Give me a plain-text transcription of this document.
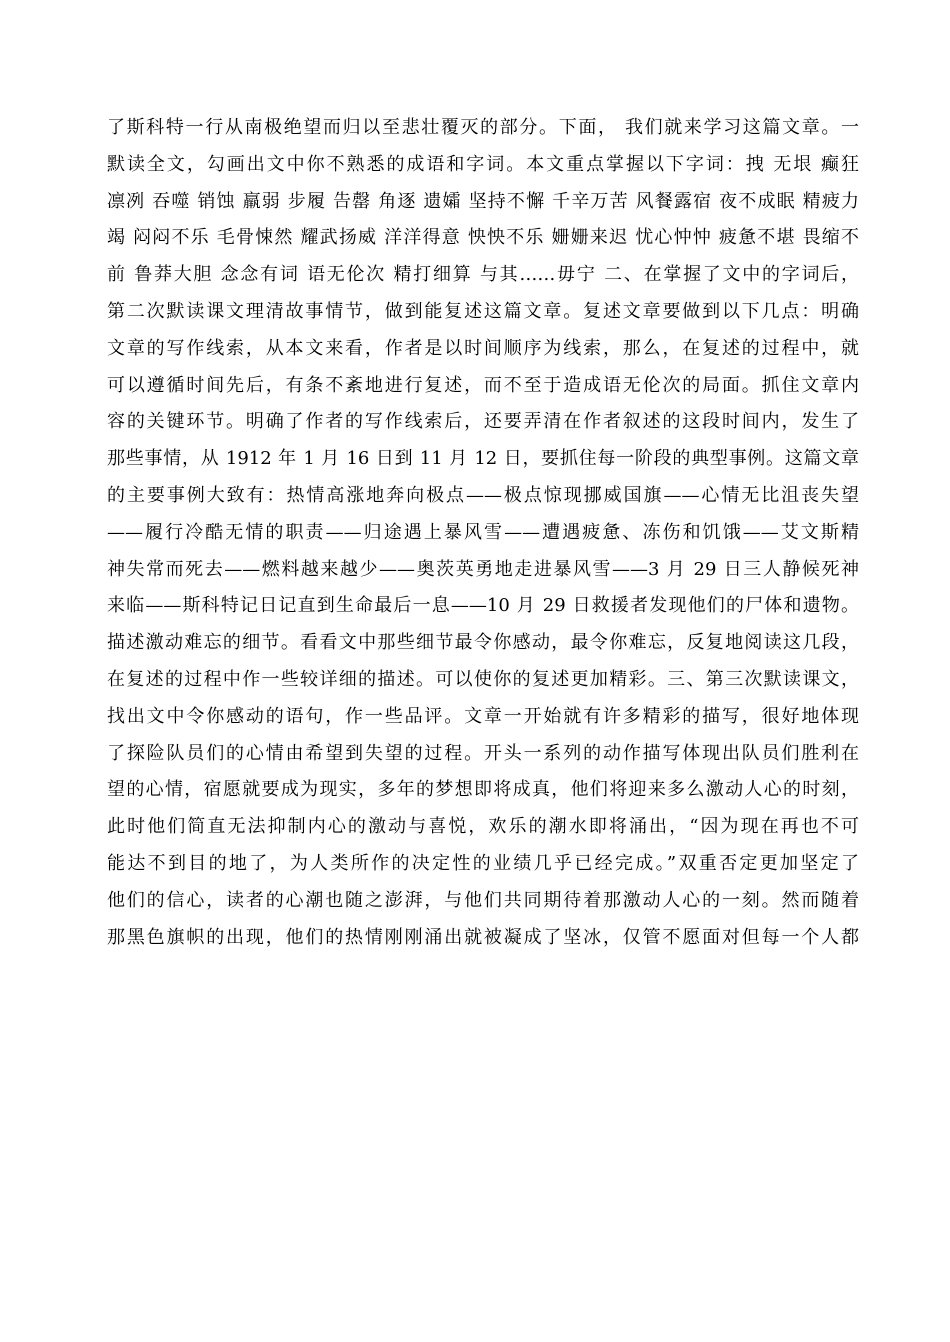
了斯科特一行从南极绝望而归以至悲壮覆灭的部分。下面， 我们就来学习这篇文章。一
默读全文，勾画出文中你不熟悉的成语和字词。本文重点掌握以下字词：拽 无垠 癫狂
凛冽 吞噬 销蚀 羸弱 步履 告罄 角逐 遗孀 坚持不懈 千辛万苦 风餐露宿 夜不成眠 精疲力
竭 闷闷不乐 毛骨悚然 耀武扬威 洋洋得意 怏怏不乐 姗姗来迟 忧心忡忡 疲惫不堪 畏缩不
前 鲁莽大胆 念念有词 语无伦次 精打细算 与其……毋宁 二、在掌握了文中的字词后，
第二次默读课文理清故事情节，做到能复述这篇文章。复述文章要做到以下几点：明确
文章的写作线索，从本文来看，作者是以时间顺序为线索，那么，在复述的过程中，就
可以遵循时间先后，有条不紊地进行复述，而不至于造成语无伦次的局面。抓住文章内
容的关键环节。明确了作者的写作线索后，还要弄清在作者叙述的这段时间内，发生了
那些事情，从 1912 年 1 月 16 日到 11 月 12 日，要抓住每一阶段的典型事例。这篇文章
的主要事例大致有：热情高涨地奔向极点——极点惊现挪威国旗——心情无比沮丧失望
——履行冷酷无情的职责——归途遇上暴风雪——遭遇疲惫、冻伤和饥饿——艾文斯精
神失常而死去——燃料越来越少——奥茨英勇地走进暴风雪——3 月 29 日三人静候死神
来临——斯科特记日记直到生命最后一息——10 月 29 日救援者发现他们的尸体和遗物。
描述激动难忘的细节。看看文中那些细节最令你感动，最令你难忘，反复地阅读这几段，
在复述的过程中作一些较详细的描述。可以使你的复述更加精彩。三、第三次默读课文，
找出文中令你感动的语句，作一些品评。文章一开始就有许多精彩的描写，很好地体现
了探险队员们的心情由希望到失望的过程。开头一系列的动作描写体现出队员们胜利在
望的心情，宿愿就要成为现实，多年的梦想即将成真，他们将迎来多么激动人心的时刻，
此时他们简直无法抑制内心的激动与喜悦，欢乐的潮水即将涌出，“因为现在再也不可
能达不到目的地了，为人类所作的决定性的业绩几乎已经完成。”双重否定更加坚定了
他们的信心，读者的心潮也随之澎湃，与他们共同期待着那激动人心的一刻。然而随着
那黑色旗帜的出现，他们的热情刚刚涌出就被凝成了坚冰，仅管不愿面对但每一个人都
